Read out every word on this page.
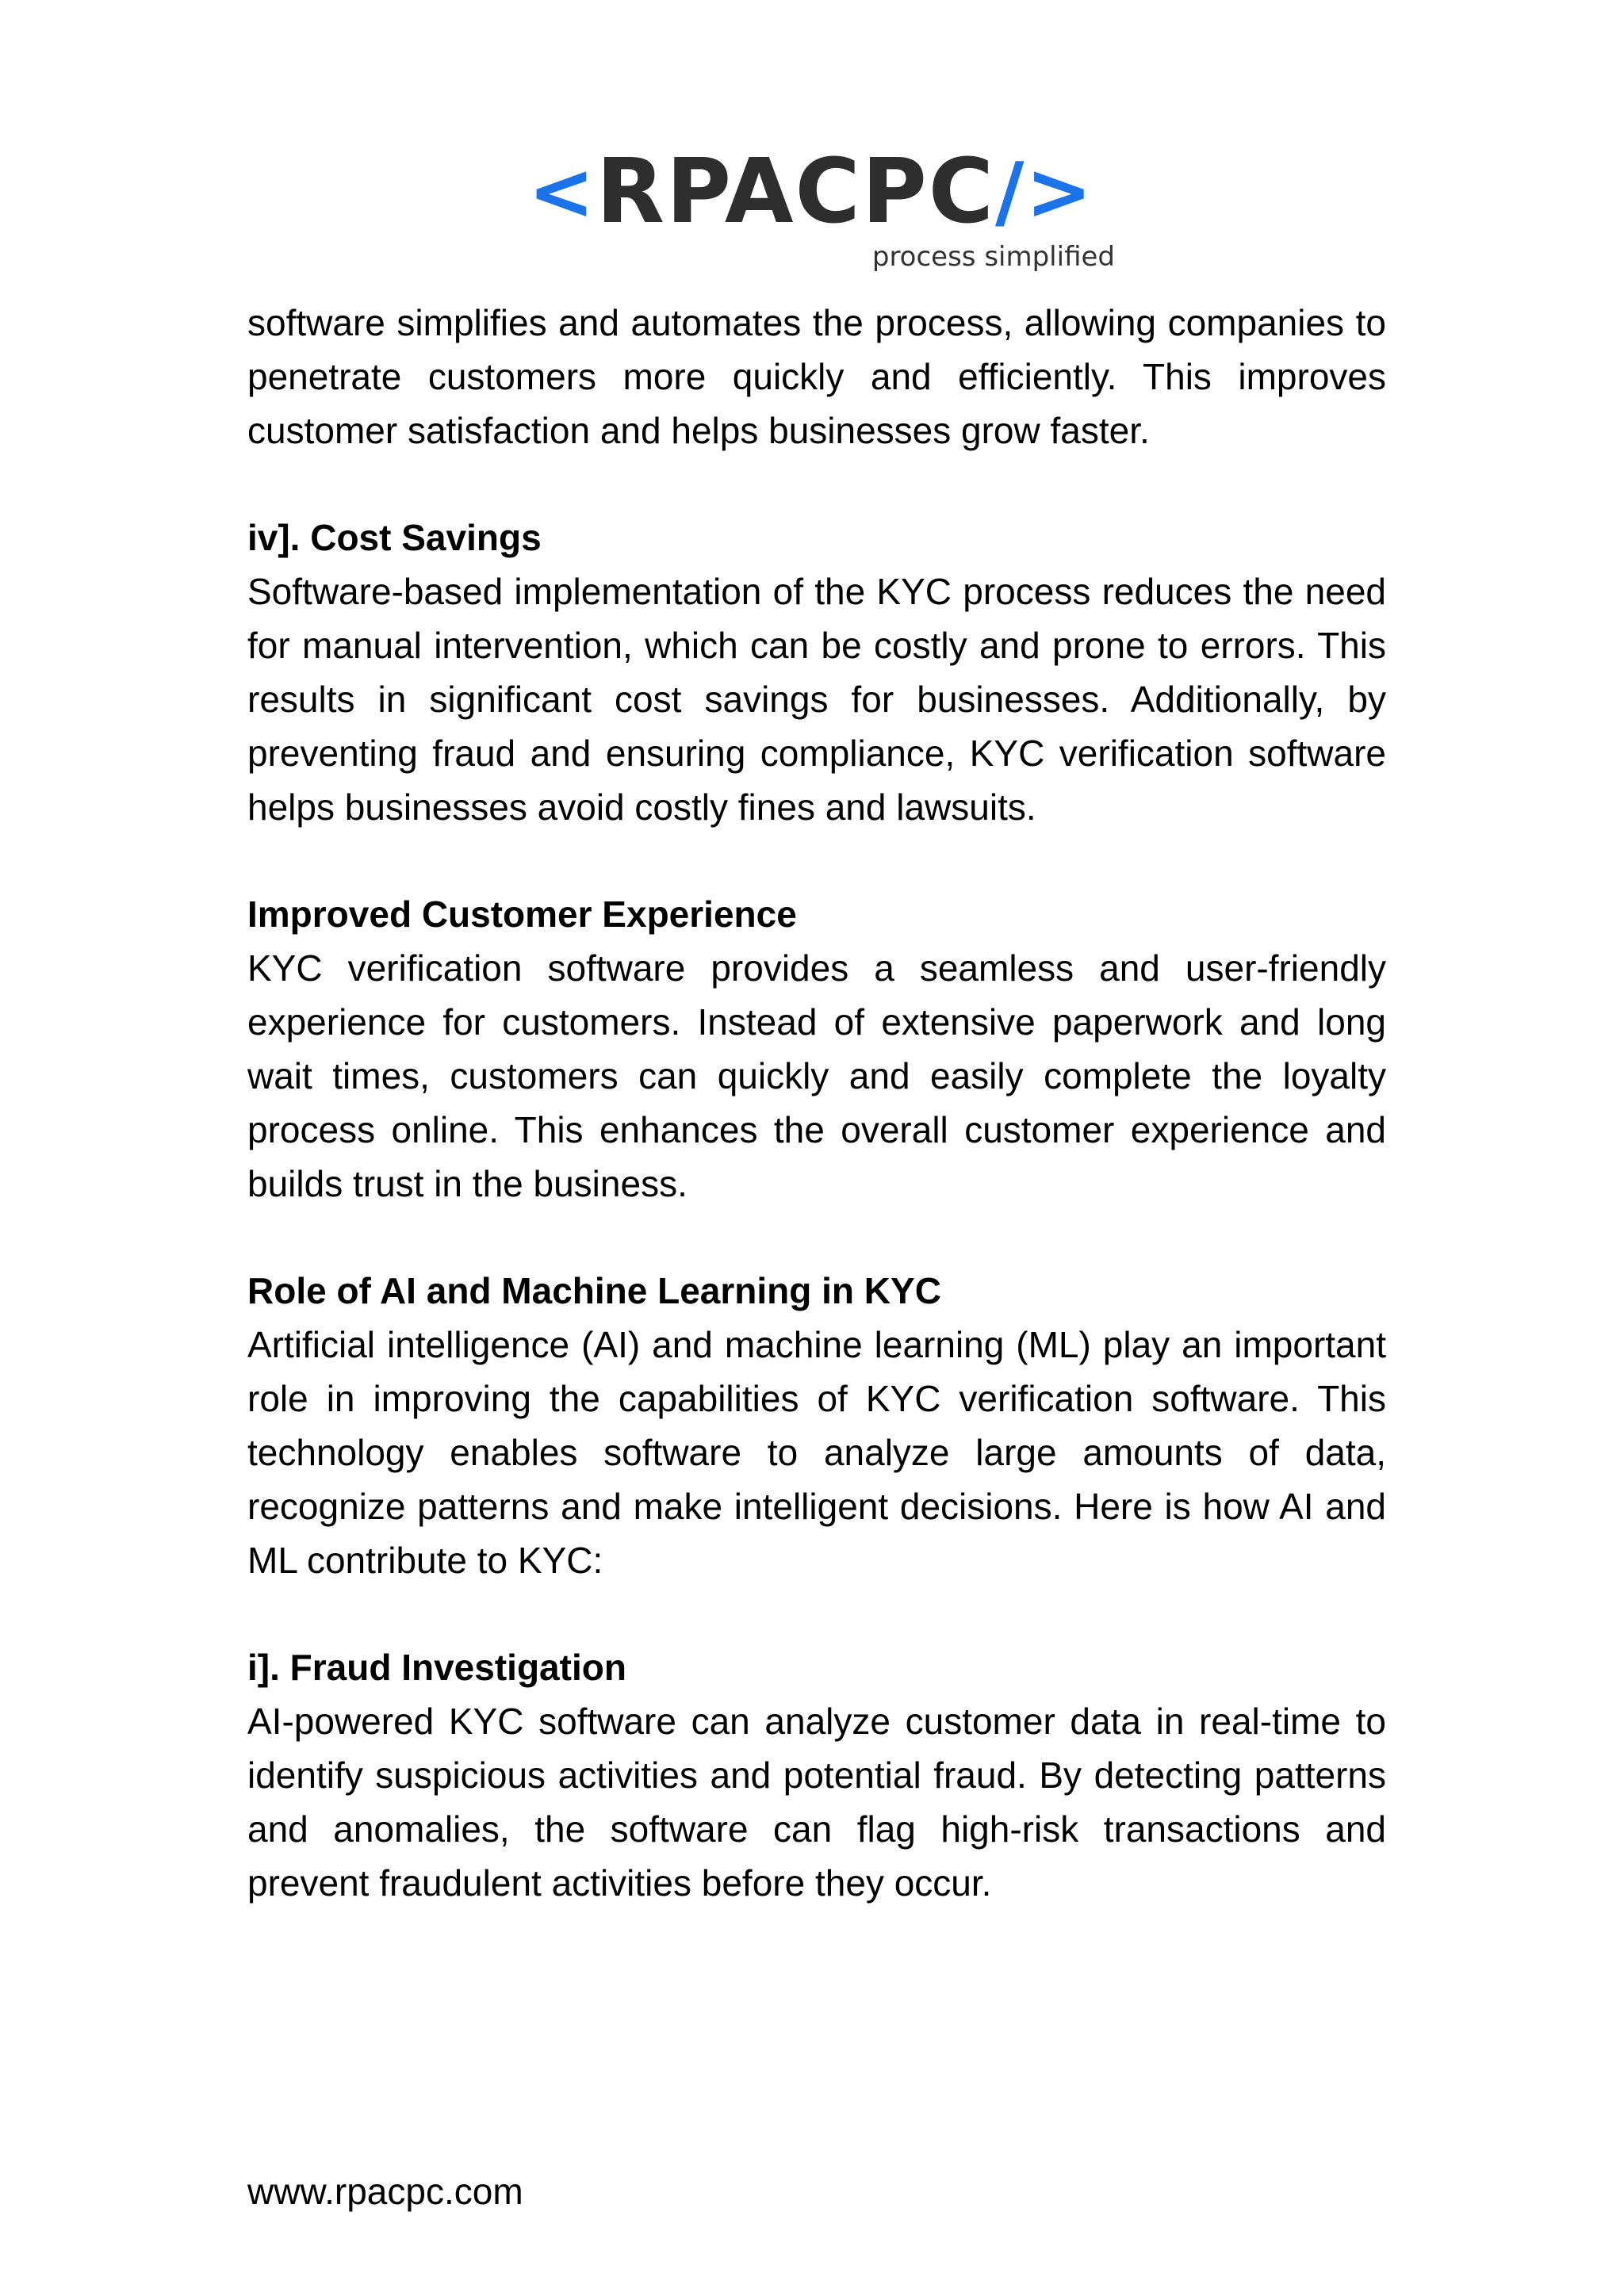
< RPACPC />
process simplified

software simplifies and automates the process, allowing companies to penetrate customers more quickly and efficiently. This improves customer satisfaction and helps businesses grow faster.

iv]. Cost Savings

Software-based implementation of the KYC process reduces the need for manual intervention, which can be costly and prone to errors. This results in significant cost savings for businesses. Additionally, by preventing fraud and ensuring compliance, KYC verification software helps businesses avoid costly fines and lawsuits.

Improved Customer Experience

KYC verification software provides a seamless and user-friendly experience for customers. Instead of extensive paperwork and long wait times, customers can quickly and easily complete the loyalty process online. This enhances the overall customer experience and builds trust in the business.

Role of AI and Machine Learning in KYC

Artificial intelligence (AI) and machine learning (ML) play an important role in improving the capabilities of KYC verification software. This technology enables software to analyze large amounts of data, recognize patterns and make intelligent decisions. Here is how AI and ML contribute to KYC:

i]. Fraud Investigation

AI-powered KYC software can analyze customer data in real-time to identify suspicious activities and potential fraud. By detecting patterns and anomalies, the software can flag high-risk transactions and prevent fraudulent activities before they occur.

www.rpacpc.com
